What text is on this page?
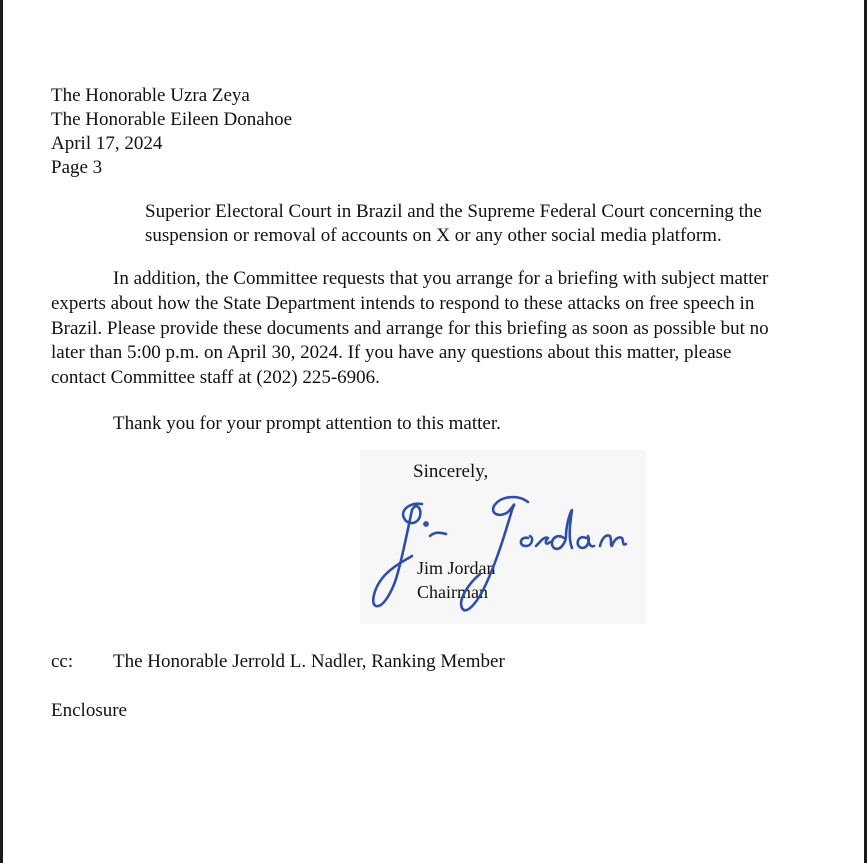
The Honorable Uzra Zeya
The Honorable Eileen Donahoe
April 17, 2024
Page 3
Superior Electoral Court in Brazil and the Supreme Federal Court concerning the
suspension or removal of accounts on X or any other social media platform.
In addition, the Committee requests that you arrange for a briefing with subject matter
experts about how the State Department intends to respond to these attacks on free speech in
Brazil. Please provide these documents and arrange for this briefing as soon as possible but no
later than 5:00 p.m. on April 30, 2024. If you have any questions about this matter, please
contact Committee staff at (202) 225-6906.
Thank you for your prompt attention to this matter.
Sincerely,
Jim Jordan
Chairman
cc: The Honorable Jerrold L. Nadler, Ranking Member
Enclosure
